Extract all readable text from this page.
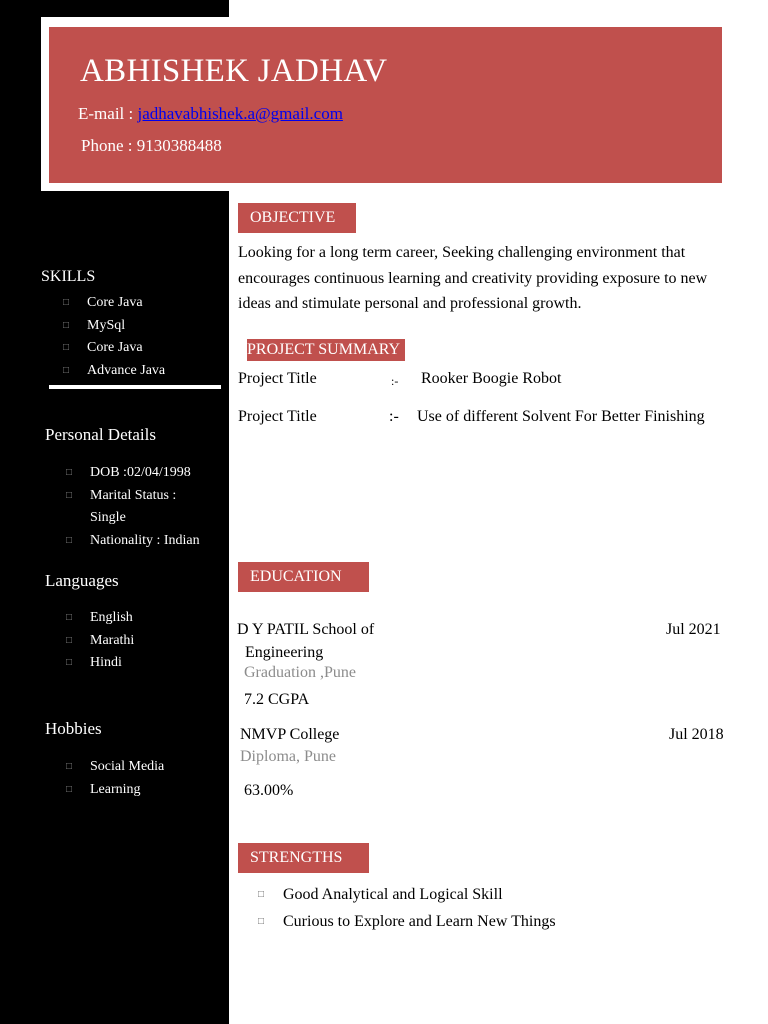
ABHISHEK JADHAV
E-mail : jadhavabhishek.a@gmail.com
Phone : 9130388488
SKILLS
□ Core Java
□ MySql
□ Core Java
□ Advance Java
Personal Details
□ DOB :02/04/1998
□ Marital Status : Single
□ Nationality : Indian
Languages
□ English
□ Marathi
□ Hindi
Hobbies
□ Social Media
□ Learning
OBJECTIVE
Looking for a long term career, Seeking challenging environment that encourages continuous learning and creativity providing exposure to new ideas and stimulate personal and professional growth.
PROJECT SUMMARY
Project Title	:- Rooker Boogie Robot
Project Title	:- Use of different Solvent For Better Finishing
EDUCATION
D Y PATIL School of
Engineering
Graduation ,Pune
7.2 CGPA
Jul 2021
NMVP College
Diploma, Pune
63.00%
Jul 2018
STRENGTHS
□ Good Analytical and Logical Skill
□ Curious to Explore and Learn New Things
